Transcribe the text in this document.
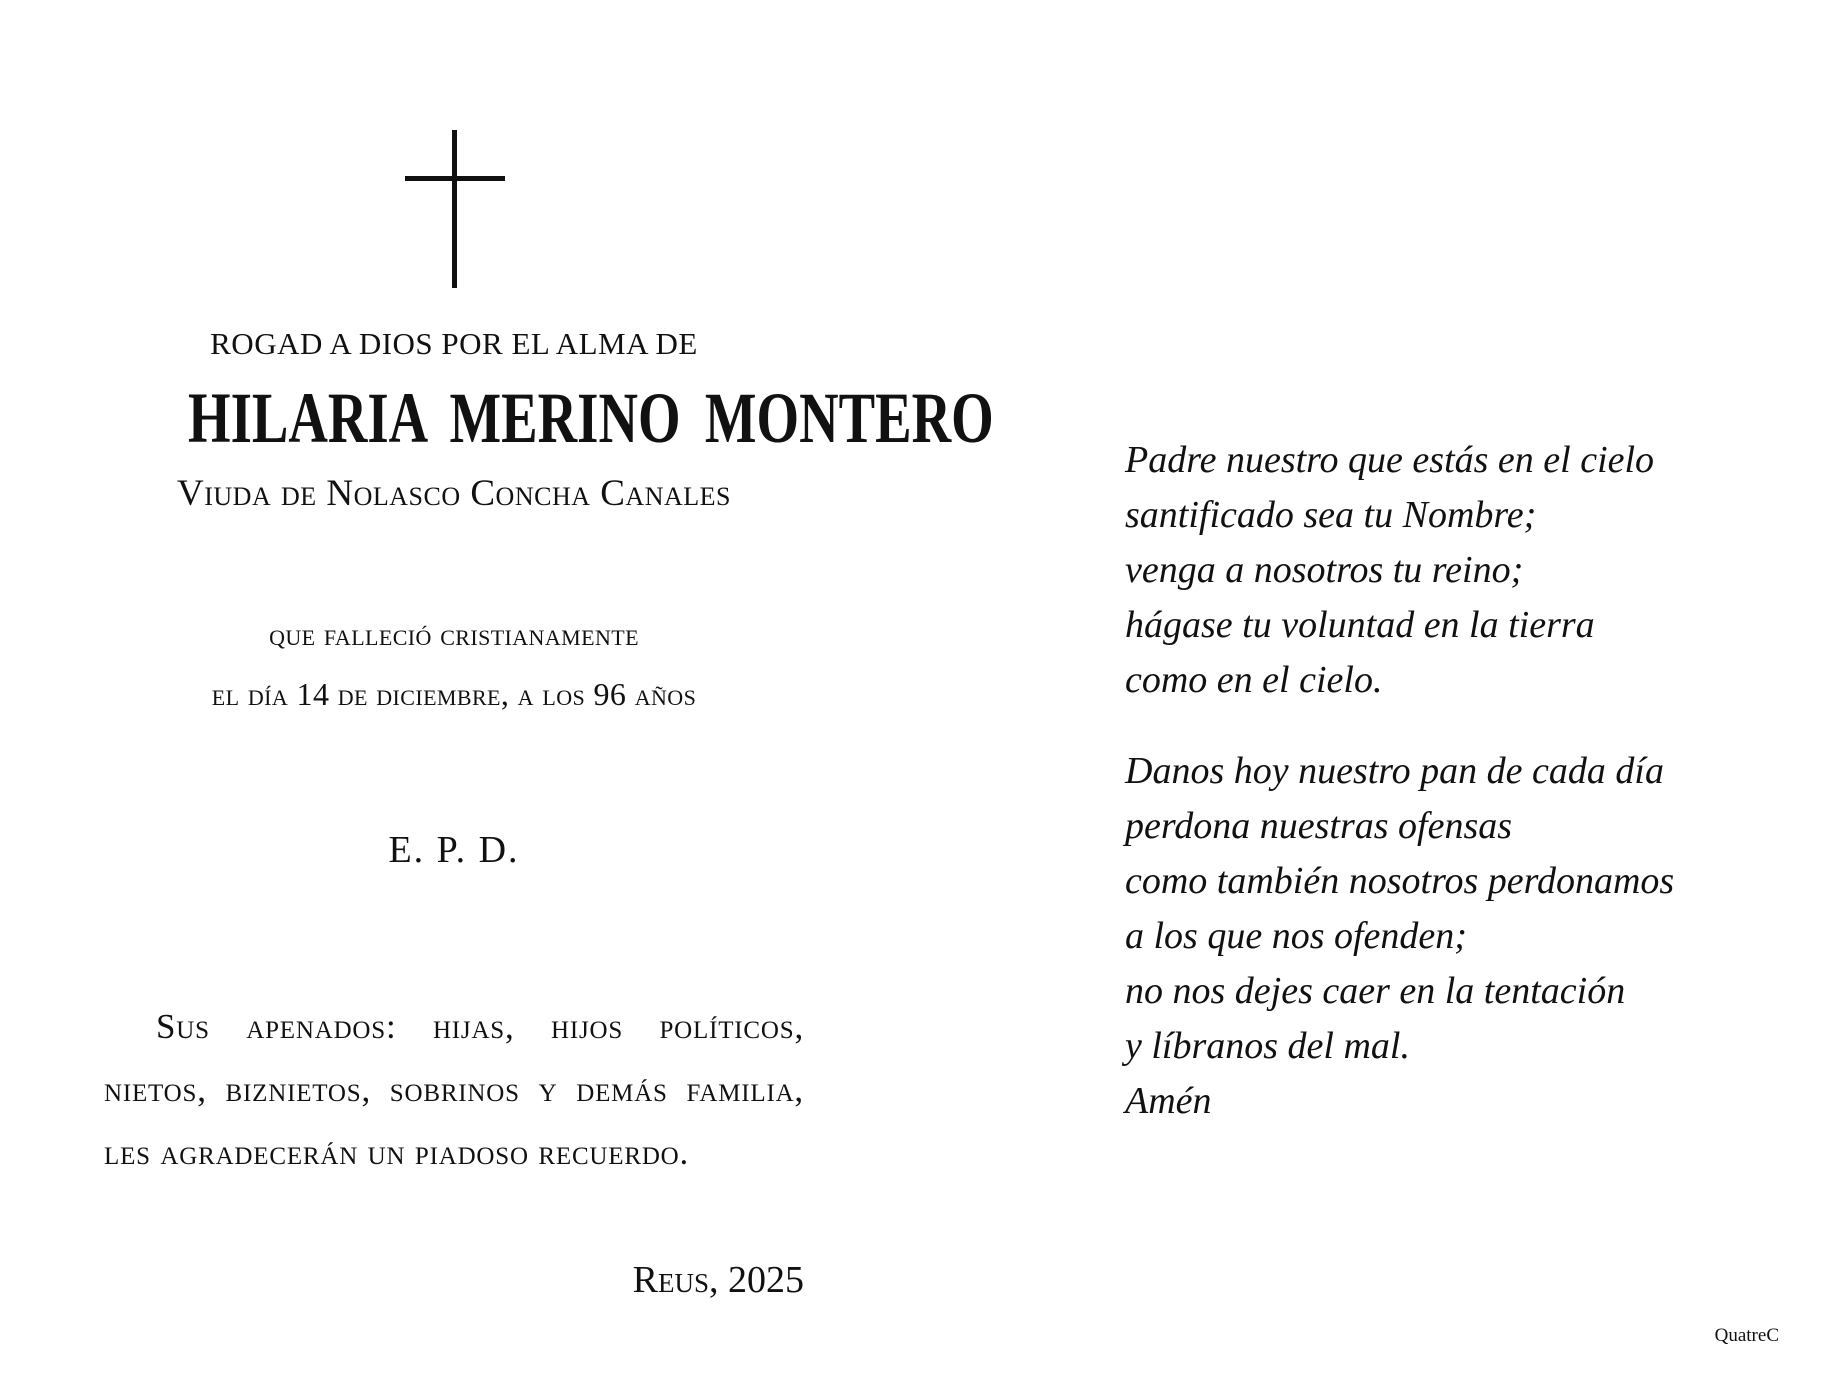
ROGAD A DIOS POR EL ALMA DE
HILARIA MERINO MONTERO
Viuda de Nolasco Concha Canales
que falleció cristianamente
el día 14 de diciembre, a los 96 años
E. P. D.
Sus apenados: hijas, hijos políticos, nietos, biznietos, sobrinos y demás familia, les agradecerán un piadoso recuerdo.
Reus, 2025
Padre nuestro que estás en el cielo
santificado sea tu Nombre;
venga a nosotros tu reino;
hágase tu voluntad en la tierra
como en el cielo.
Danos hoy nuestro pan de cada día
perdona nuestras ofensas
como también nosotros perdonamos
a los que nos ofenden;
no nos dejes caer en la tentación
y líbranos del mal.
Amén
QuatreC
